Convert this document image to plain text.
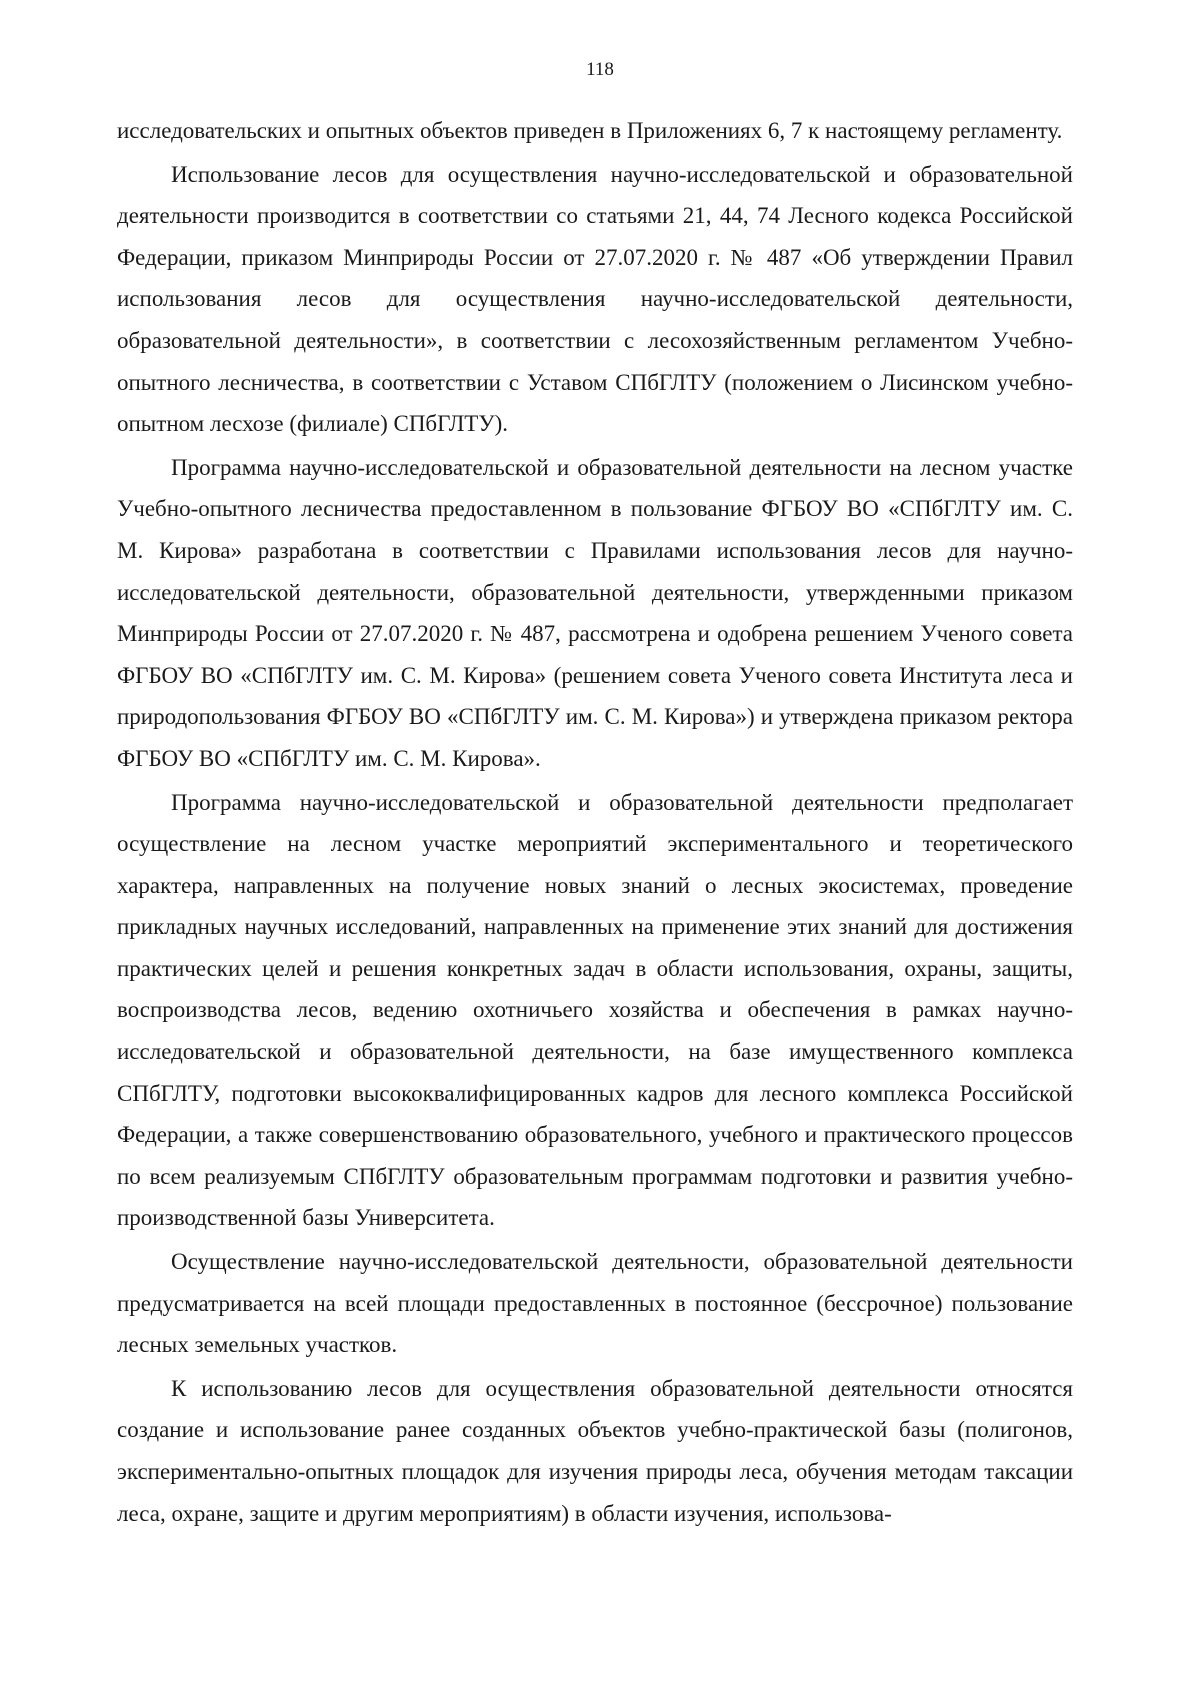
118

исследовательских и опытных объектов приведен в Приложениях 6, 7 к настоящему регламенту.

Использование лесов для осуществления научно-исследовательской и образовательной деятельности производится в соответствии со статьями 21, 44, 74 Лесного кодекса Российской Федерации, приказом Минприроды России от 27.07.2020 г. № 487 «Об утверждении Правил использования лесов для осуществления научно-исследовательской деятельности, образовательной деятельности», в соответствии с лесохозяйственным регламентом Учебно-опытного лесничества, в соответствии с Уставом СПбГЛТУ (положением о Лисинском учебно-опытном лесхозе (филиале) СПбГЛТУ).

Программа научно-исследовательской и образовательной деятельности на лесном участке Учебно-опытного лесничества предоставленном в пользование ФГБОУ ВО «СПбГЛТУ им. С. М. Кирова» разработана в соответствии с Правилами использования лесов для научно-исследовательской деятельности, образовательной деятельности, утвержденными приказом Минприроды России от 27.07.2020 г. № 487, рассмотрена и одобрена решением Ученого совета ФГБОУ ВО «СПбГЛТУ им. С. М. Кирова» (решением совета Ученого совета Института леса и природопользования ФГБОУ ВО «СПбГЛТУ им. С. М. Кирова») и утверждена приказом ректора ФГБОУ ВО «СПбГЛТУ им. С. М. Кирова».

Программа научно-исследовательской и образовательной деятельности предполагает осуществление на лесном участке мероприятий экспериментального и теоретического характера, направленных на получение новых знаний о лесных экосистемах, проведение прикладных научных исследований, направленных на применение этих знаний для достижения практических целей и решения конкретных задач в области использования, охраны, защиты, воспроизводства лесов, ведению охотничьего хозяйства и обеспечения в рамках научно-исследовательской и образовательной деятельности, на базе имущественного комплекса СПбГЛТУ, подготовки высококвалифицированных кадров для лесного комплекса Российской Федерации, а также совершенствованию образовательного, учебного и практического процессов по всем реализуемым СПбГЛТУ образовательным программам подготовки и развития учебно-производственной базы Университета.

Осуществление научно-исследовательской деятельности, образовательной деятельности предусматривается на всей площади предоставленных в постоянное (бессрочное) пользование лесных земельных участков.

К использованию лесов для осуществления образовательной деятельности относятся создание и использование ранее созданных объектов учебно-практической базы (полигонов, экспериментально-опытных площадок для изучения природы леса, обучения методам таксации леса, охране, защите и другим мероприятиям) в области изучения, использова-
